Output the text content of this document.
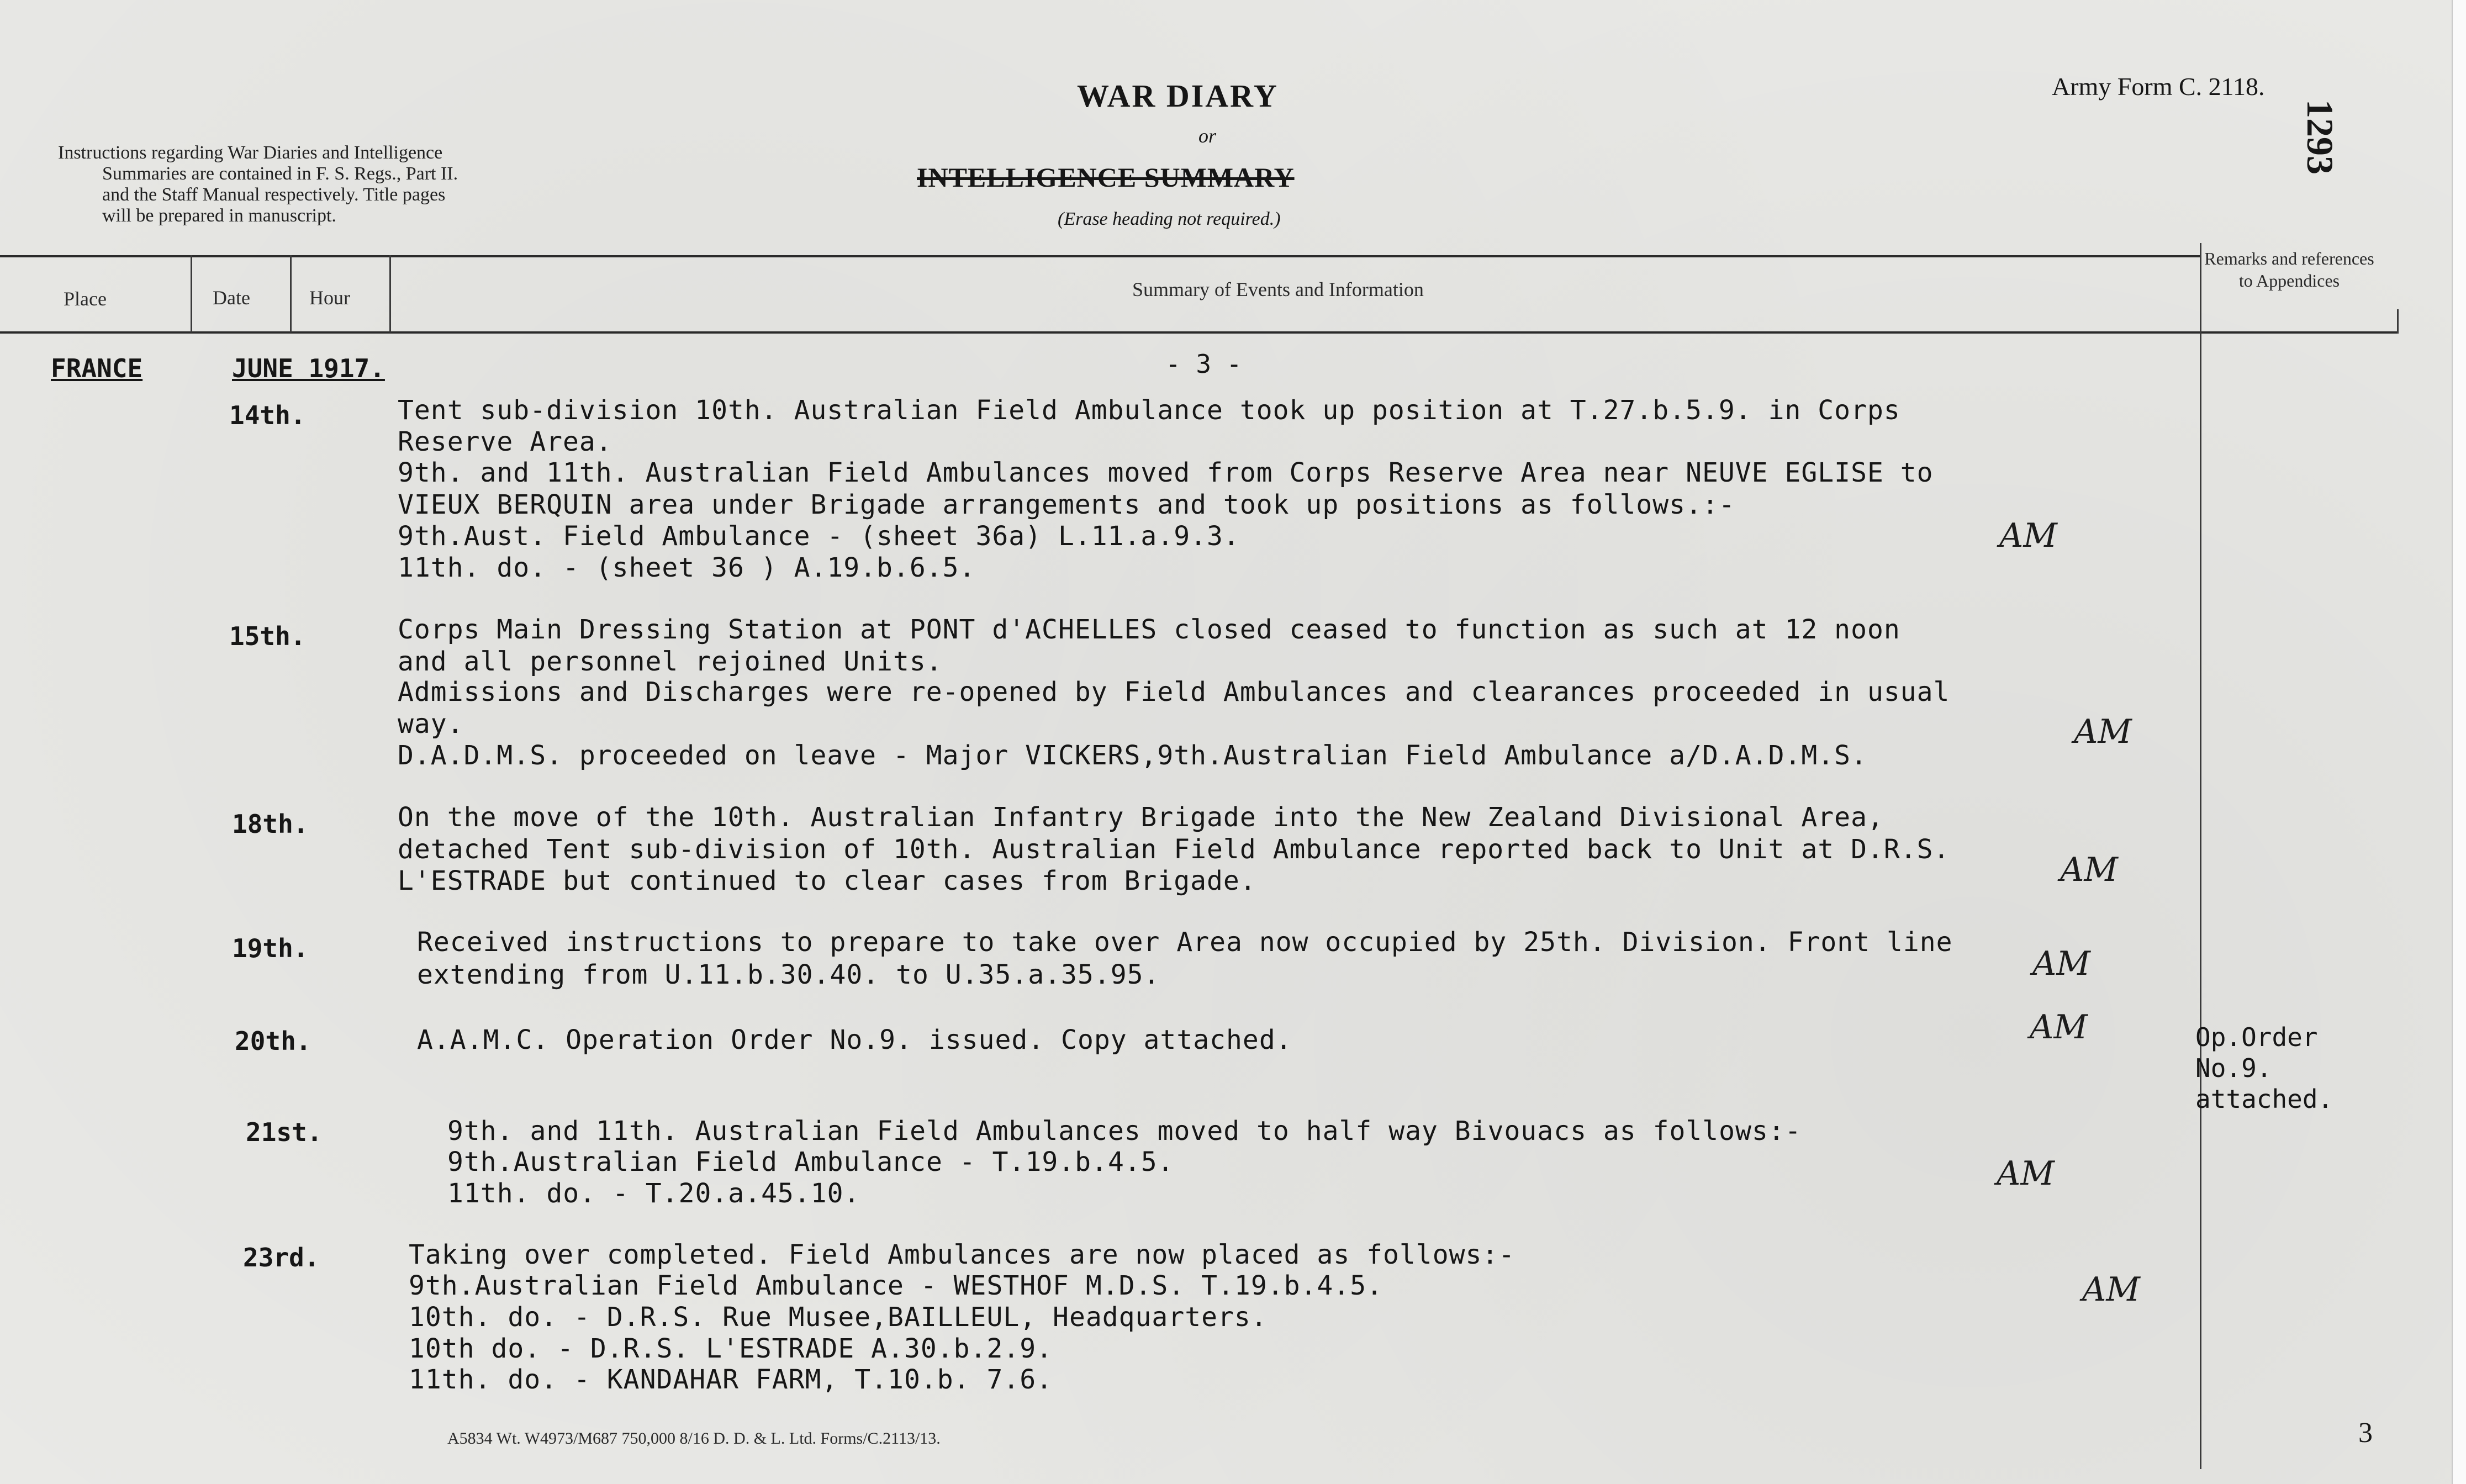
Instructions regarding War Diaries and Intelligence
Summaries are contained in F. S. Regs., Part II.
and the Staff Manual respectively. Title pages
will be prepared in manuscript.
WAR DIARY
or
INTELLIGENCE SUMMARY
(Erase heading not required.)
Army Form C. 2118.
1293
Place	Date	Hour	Summary of Events and Information
Remarks and references to Appendices
FRANCE	JUNE 1917.	- 3 -
14th.	Tent sub-division 10th. Australian Field Ambulance took up position at T.27.b.5.9. in Corps
Reserve Area.
9th. and 11th. Australian Field Ambulances moved from Corps Reserve Area near NEUVE EGLISE to
VIEUX BERQUIN area under Brigade arrangements and took up positions as follows.:-
9th.Aust. Field Ambulance - (sheet 36a) L.11.a.9.3.
11th. do. - (sheet 36 ) A.19.b.6.5.
AM
15th.	Corps Main Dressing Station at PONT d'ACHELLES closed ceased to function as such at 12 noon
and all personnel rejoined Units.
Admissions and Discharges were re-opened by Field Ambulances and clearances proceeded in usual
way.
D.A.D.M.S. proceeded on leave - Major VICKERS,9th.Australian Field Ambulance a/D.A.D.M.S.
AM
18th.	On the move of the 10th. Australian Infantry Brigade into the New Zealand Divisional Area,
detached Tent sub-division of 10th. Australian Field Ambulance reported back to Unit at D.R.S.
L'ESTRADE but continued to clear cases from Brigade.	AM
19th.	Received instructions to prepare to take over Area now occupied by 25th. Division. Front line
extending from U.11.b.30.40. to U.35.a.35.95.	AM
20th.	A.A.M.C. Operation Order No.9. issued. Copy attached.	AM	Op.Order
No.9.
attached.
21st.	9th. and 11th. Australian Field Ambulances moved to half way Bivouacs as follows:-
9th.Australian Field Ambulance - T.19.b.4.5.
11th. do. - T.20.a.45.10.
AM
23rd.	Taking over completed. Field Ambulances are now placed as follows:-
9th.Australian Field Ambulance - WESTHOF M.D.S. T.19.b.4.5.
10th. do. - D.R.S. Rue Musee,BAILLEUL, Headquarters.
10th do. - D.R.S. L'ESTRADE A.30.b.2.9.
11th. do. - KANDAHAR FARM, T.10.b. 7.6.
AM
A5834 Wt. W4973/M687 750,000 8/16 D. D. & L. Ltd. Forms/C.2113/13.	3
